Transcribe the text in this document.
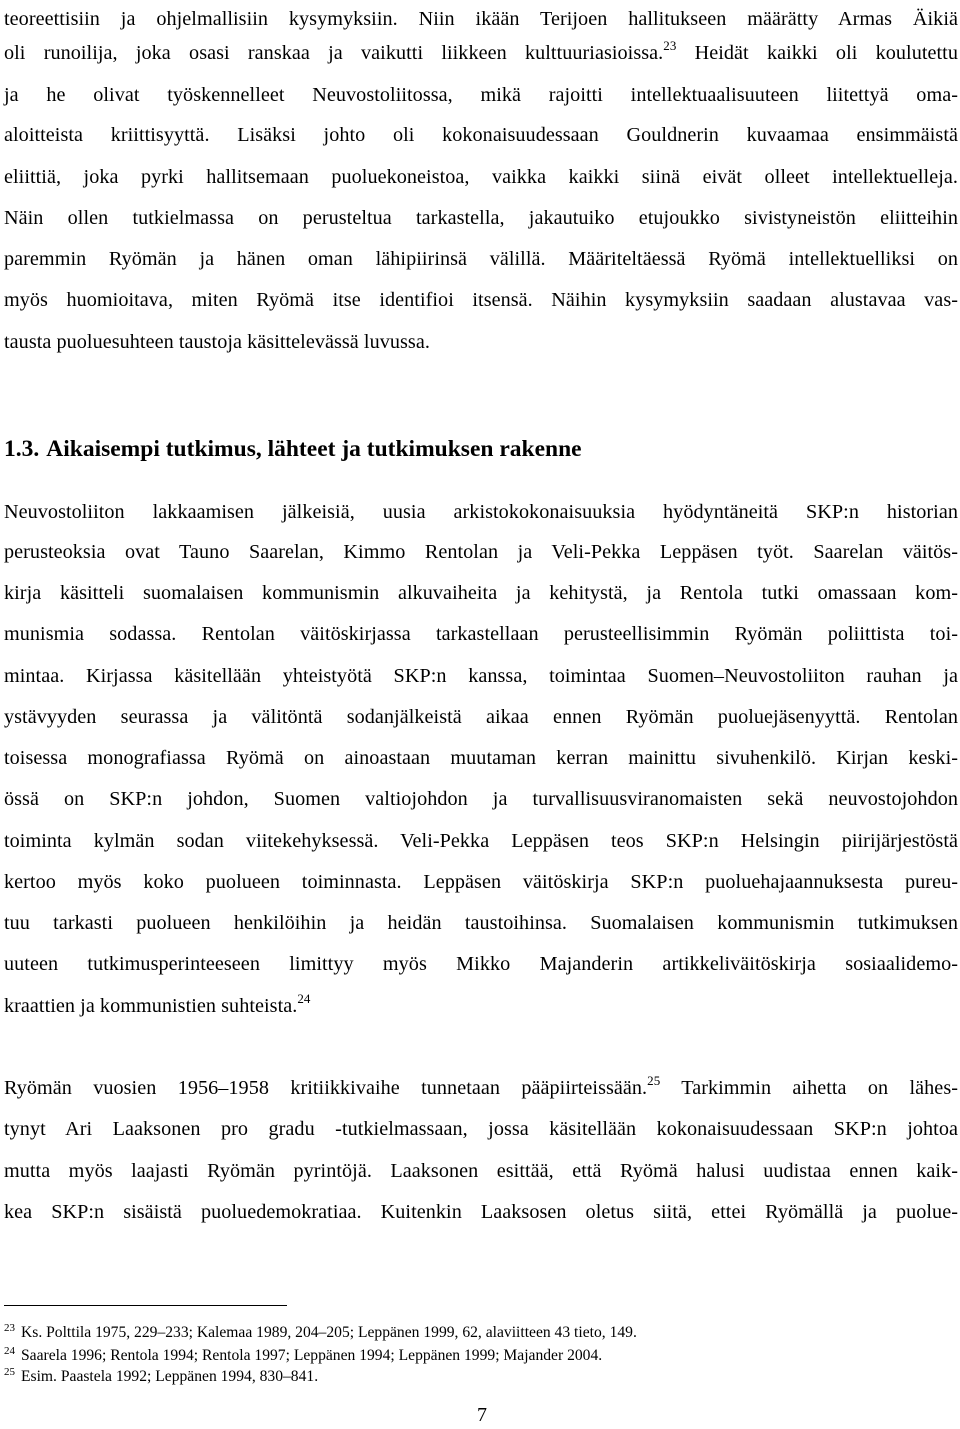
teoreettisiin ja ohjelmallisiin kysymyksiin. Niin ikään Terijoen hallitukseen määrätty Armas Äikiä
oli runoilija, joka osasi ranskaa ja vaikutti liikkeen kulttuuriasioissa.$^{23}$ Heidät kaikki oli koulutettu
ja he olivat työskennelleet Neuvostoliitossa, mikä rajoitti intellektuaalisuuteen liitettyä oma-
aloitteista kriittisyyttä. Lisäksi johto oli kokonaisuudessaan Gouldnerin kuvaamaa ensimmäistä
eliittiä, joka pyrki hallitsemaan puoluekoneistoa, vaikka kaikki siinä eivät olleet intellektuelleja.
Näin ollen tutkielmassa on perusteltua tarkastella, jakautuiko etujoukko sivistyneistön eliitteihin
paremmin Ryömän ja hänen oman lähipiirinsä välillä. Määriteltäessä Ryömä intellektuelliksi on
myös huomioitava, miten Ryömä itse identifioi itsensä. Näihin kysymyksiin saadaan alustavaa vas-
tausta puoluesuhteen taustoja käsittelevässä luvussa.
1.3. Aikaisempi tutkimus, lähteet ja tutkimuksen rakenne
Neuvostoliiton lakkaamisen jälkeisiä, uusia arkistokokonaisuuksia hyödyntäneitä SKP:n historian
perusteoksia ovat Tauno Saarelan, Kimmo Rentolan ja Veli-Pekka Leppäsen työt. Saarelan väitös-
kirja käsitteli suomalaisen kommunismin alkuvaiheita ja kehitystä, ja Rentola tutki omassaan kom-
munismia sodassa. Rentolan väitöskirjassa tarkastellaan perusteellisimmin Ryömän poliittista toi-
mintaa. Kirjassa käsitellään yhteistyötä SKP:n kanssa, toimintaa Suomen–Neuvostoliiton rauhan ja
ystävyyden seurassa ja välitöntä sodanjälkeistä aikaa ennen Ryömän puoluejäsenyyttä. Rentolan
toisessa monografiassa Ryömä on ainoastaan muutaman kerran mainittu sivuhenkilö. Kirjan keski-
össä on SKP:n johdon, Suomen valtiojohdon ja turvallisuusviranomaisten sekä neuvostojohdon
toiminta kylmän sodan viitekehyksessä. Veli-Pekka Leppäsen teos SKP:n Helsingin piirijärjestöstä
kertoo myös koko puolueen toiminnasta. Leppäsen väitöskirja SKP:n puoluehajaannuksesta pureu-
tuu tarkasti puolueen henkilöihin ja heidän taustoihinsa. Suomalaisen kommunismin tutkimuksen
uuteen tutkimusperinteeseen limittyy myös Mikko Majanderin artikkeliväitöskirja sosiaalidemo-
kraattien ja kommunistien suhteista.$^{24}$
Ryömän vuosien 1956–1958 kritiikkivaihe tunnetaan pääpiirteissään.$^{25}$ Tarkimmin aihetta on lähes-
tynyt Ari Laaksonen pro gradu -tutkielmassaan, jossa käsitellään kokonaisuudessaan SKP:n johtoa
mutta myös laajasti Ryömän pyrintöjä. Laaksonen esittää, että Ryömä halusi uudistaa ennen kaik-
kea SKP:n sisäistä puoluedemokratiaa. Kuitenkin Laaksosen oletus siitä, ettei Ryömällä ja puolue-
$^{23}$ Ks. Polttila 1975, 229–233; Kalemaa 1989, 204–205; Leppänen 1999, 62, alaviitteen 43 tieto, 149.
$^{24}$ Saarela 1996; Rentola 1994; Rentola 1997; Leppänen 1994; Leppänen 1999; Majander 2004.
$^{25}$ Esim. Paastela 1992; Leppänen 1994, 830–841.
7
